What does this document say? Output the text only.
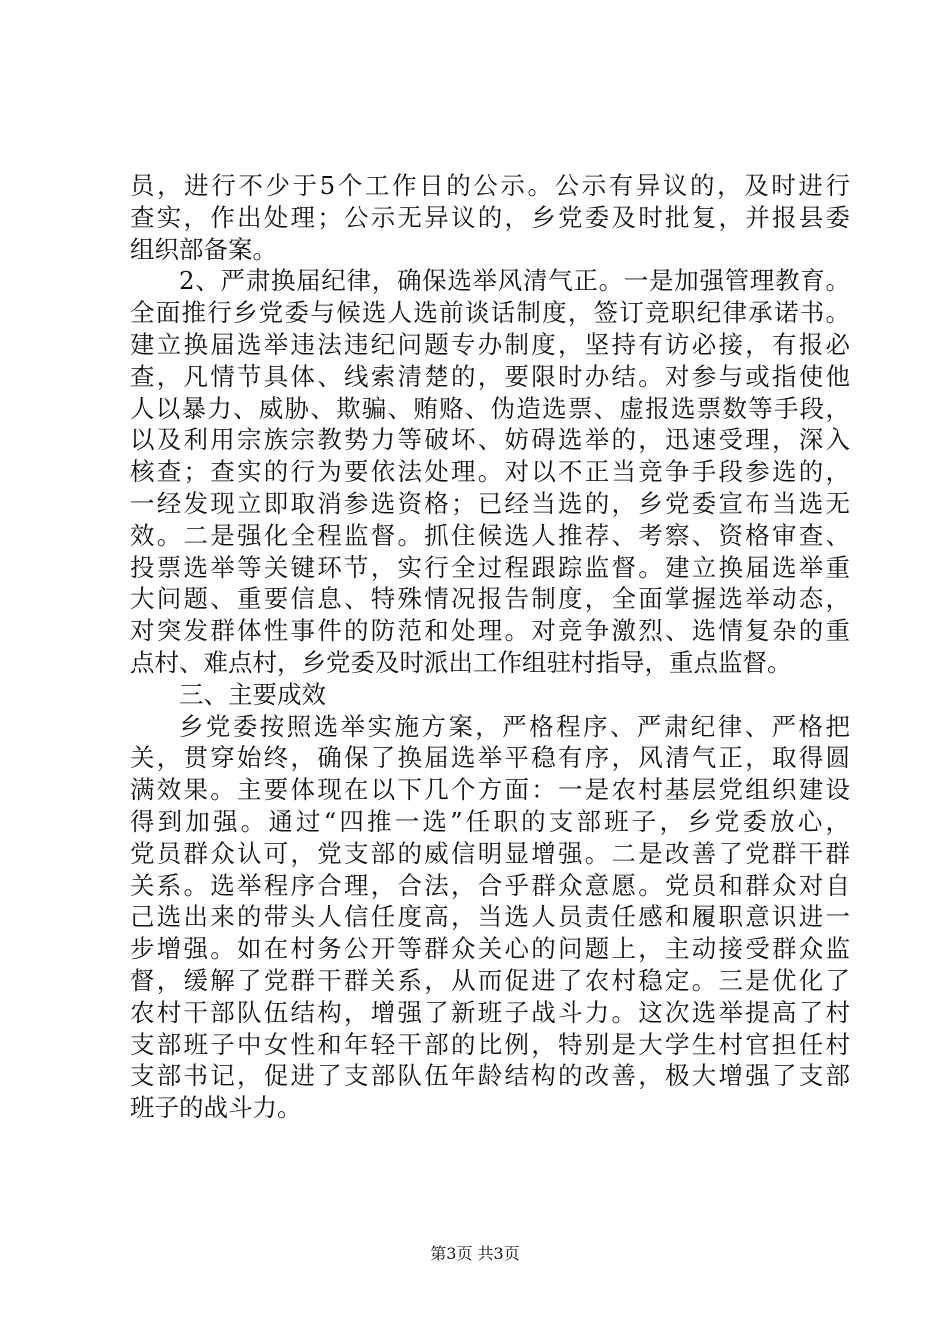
员，进行不少于5个工作日的公示。公示有异议的，及时进行
查实，作出处理；公示无异议的，乡党委及时批复，并报县委
组织部备案。
2、严肃换届纪律，确保选举风清气正。一是加强管理教育。
全面推行乡党委与候选人选前谈话制度，签订竞职纪律承诺书。
建立换届选举违法违纪问题专办制度，坚持有访必接，有报必
查，凡情节具体、线索清楚的，要限时办结。对参与或指使他
人以暴力、威胁、欺骗、贿赂、伪造选票、虚报选票数等手段，
以及利用宗族宗教势力等破坏、妨碍选举的，迅速受理，深入
核查；查实的行为要依法处理。对以不正当竞争手段参选的，
一经发现立即取消参选资格；已经当选的，乡党委宣布当选无
效。二是强化全程监督。抓住候选人推荐、考察、资格审查、
投票选举等关键环节，实行全过程跟踪监督。建立换届选举重
大问题、重要信息、特殊情况报告制度，全面掌握选举动态，
对突发群体性事件的防范和处理。对竞争激烈、选情复杂的重
点村、难点村，乡党委及时派出工作组驻村指导，重点监督。
三、主要成效
乡党委按照选举实施方案，严格程序、严肃纪律、严格把
关，贯穿始终，确保了换届选举平稳有序，风清气正，取得圆
满效果。主要体现在以下几个方面：一是农村基层党组织建设
得到加强。通过“四推一选”任职的支部班子，乡党委放心，
党员群众认可，党支部的威信明显增强。二是改善了党群干群
关系。选举程序合理，合法，合乎群众意愿。党员和群众对自
己选出来的带头人信任度高，当选人员责任感和履职意识进一
步增强。如在村务公开等群众关心的问题上，主动接受群众监
督，缓解了党群干群关系，从而促进了农村稳定。三是优化了
农村干部队伍结构，增强了新班子战斗力。这次选举提高了村
支部班子中女性和年轻干部的比例，特别是大学生村官担任村
支部书记，促进了支部队伍年龄结构的改善，极大增强了支部
班子的战斗力。
第3页 共3页
